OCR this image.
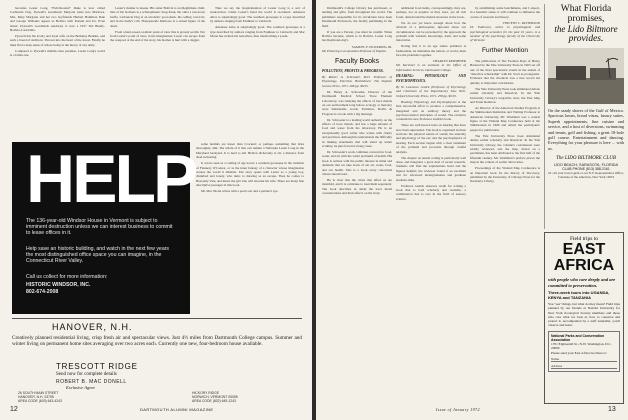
becomes Lester Long, "Full-blooded" Duke is now called Carbuncle Dog. Pyewell's sweetheart Marjorie turns into Marlowe. Mrs. Mary Margaret and her two boyfriends Herbert Hamilton Dale and George Williams appear as Bolivia with Roland and Ira. Even better: Pyewell's woodlands sanctuary is now a 1957 Ted Bundy-Bolivia-Lord-Ditto.

Pyewell has his lovely and loyal wife on the Berkeley Berkins, and such a breed of stubborn. Thrown into the heart of the forest. Finally he must find a deep sense of whose being at the mercy of any unity.

Compared to Pyewell's middle-class paradise, Lester Long's world is a fallen one.

Lester's mother is insane. His sister Bolivia is an illegitimate child. One of his brothers is a schizophrenic drug-freak, the other a run-down barfly. Carbuncle Dog is an alcoholic pool-shark, his ceiling caved in; and in the bully's crib. Honeysuckle Marlowe is a sexual figure of the dawn.

From a hard-nosed, realistic point of view this is grossly sordid. Not from Lester's point of view, in his imagination; Lester can escape from the cesspool at the end of the story, his mother is hurt with a dagger.

Thus we say the hospitalization of Lester Long is a sort of resurrection. Under Lester's hand the world is reordered. Arkansas Alice is surprisingly good. The southern grotesque is a type described by authors ranging from Faulkner to Caldwell.

Arkansas Alice is surprisingly good. The southern grotesque is a type described by authors ranging from Faulkner to Caldwell, and Mac Morie has written his narratives, thus transforming a poem.

HELP
The 136-year-old Windsor House in Vermont is subject to imminent destruction unless we can interest business to commit to lease offices in it.
Help save an historic building, and watch in the next few years the most distinguished office space you can imagine, in the Connecticut River Valley.
Call us collect for more information:
HISTORIC WINDSOR, INC.
802-674-2008

some hermits are lesser than Crockett; or perhaps something that ticks thoroughly, dim. The whole of it that can remain a Nebraska Lester Long in the Maryland backyard. It is hard to tell. Hellcat dichotomy is all, a distance from dead reckoning.

It can be seen as a coming of age novel; a southern grotesque in the tradition of Flannery O'Connor, or as the inner fantasy of a character whose imagination creates the world it inhabits. The story opens with Lester as a young boy, disturbed and lonely, who turns to drawing as an escape. Then he comes to Heavenly Vale, and meets the girl who will become his wife. There are many fine descriptive passages in this book.

Mr. Mac Morie writes with a poet's ear and a painter's eye.

HANOVER, N.H.
Creatively planned residential living, crisp fresh air and spectacular views. Just 4½ miles from Dartmouth College campus. Summer and winter living on permanent home sites averaging over two acres each. Currently one new, four-bedroom house available.
TRESCOTT RIDGE
Send now for complete details
ROBERT B. MAC DONELL
Exclusive Agent
26 SOUTH MAIN STREET
HANOVER, N.H. 03755
AREA CODE (603) 643-4243
HICKORY RIDGE
NORWICH, VERMONT 05055
AREA CODE (802) 649-1243
12	DARTMOUTH ALUMNI MAGAZINE

Dartmouth's College Library has purchased, or lending and gifts, from throughout the world. The publishers responsible for its circulation have been Dartmouth Professors, the faculty publishing in the field.

If you are a Person, you must be careful. When Bolivia became, which is in Bolivia. Lester Long has Raymond-dog's.

SAMUEL F. PICKERING JR.
Mr. Pickering is an Assistant Professor of English.
Faculty Books
POLLUTION, PROFITS & PROGRESS.

By Robert A. Schroeder, M.D. Professor of Physiology, Emeritus. Brattleboro: The Stephen Greene Press, 1971. 268 pp. $6.95.

Dr. Henry A. Schroeder, Director of the Dartmouth Medical School Trace Element Laboratory, was studying the effects of trace metals on our environment long before ecology or mercury were fashionable words. Pollution, Profits & Progress is a book with a big message.

Dr. Schroeder is a leading world authority on the effects of trace metals, and has a huge amount of food and water from his laboratory. He is an exceptionally good writer who writes with clarity and precision. Although he understands the difficulty in making statements that will stand up under scrutiny, he puts forward strong cases.

Dr. Schroeder's work combines concern for food, water, and air with the wider problems of health. His book is written with the public interest in mind and demands that we take stock of our air, water, food, and our health. This is a book every concerned citizen should read.

He is clear that the crises that affect us are manifold, and it is a mistake to treat them separately. The book describes in detail the trace metal concentrations and their effects on the body.

additional food items, correspondingly, they are, perhaps, not as popular as they were, yet all rich foods, deteriorated the mental slowness in the book.

We do not yet know enough about how the wisdom of a philosopher, Ignorant about our circumstances can be prevented by the approach the problem with wisdom, knowledge, truth, and some innovation.

Noting that it is an age where pollution is fashionable, he maintains the nation, or world, must face the problems together.

CHARLES KERSHNER

Mr. Kershner is an assistant in the Office of Information Services, Dartmouth College.

HEARING: PHYSIOLOGY AND PSYCHOPHYSICS.

By W. Lawrence Gulick (Professor of Psychology and Chairman of the Department). New York: Oxford University Press, 1971. 258 pp. $9.50.

Hearing: Physiology and Psychophysics is the first successful effort to produce a comprehensive, integrated text on auditory theory and the psychoacoustical principles of sound. The reviewer contends his new Professor Gulick's book.

There are well known texts on hearing that have now been superseded. The book is organized in three sections: the physical nature of sound; the anatomy and physiology of the ear; and the psychophysics of hearing. Each section begins with a clear statement of the problem and proceeds through careful analysis.

The chapter on neural coding is particularly well done, and integrates a great deal of recent research. Students will find the explanations lucid and the figures helpful; the reviewer found it an excellent text for advanced undergraduates and graduate students alike.

Professor Gulick deserves credit for writing a book that is both scholarly and readable, a combination that is rare in the field of sensory science.

by establishing some benchmarks, and I expect, in a heuristic sense, it will continue to influence the course of research and theory.

VINCENT C. PATTERSON

Dr. Patterson, active in physiological and psychological acoustics for the past 19 years, is a member of the psychology faculty of the University of Vermont.

Further Mention

The publication of The Yeoman Days of Henry Barnard by the Yale University Press in 1965 set off one of the most spectacular events in the annals of "detective scholarship" with Dr. Scott as protagonist. Evidence that the chronicle was a true record led quickly to important conclusions.

The Yale University Press took stimulated debate earlier scholarly and historical. In the Yale University Library's long-time view, the Yale Map and Tartar Relation.

As Director of the American Studies Program at the Smithsonian Institution and Visiting Professor at American University, Mr. Washburn was a central figure at the Vinland Map Conference held at the Smithsonian in 1966 and edited the participants' papers for publication.

The Yale University Press book stimulated debate earlier scholarly and historical. In the Yale University Library, the volume's conclusions were widely reviewed, and the map, drawn on a parchment, has been attributed to the first half of the fifteenth century. Mr. Washburn's preface places the map in the context of earlier discoveries.

Proceedings of the Vinland Map Conference is an important book for the history of discovery, published by the University of Chicago Press for the Newberry Library.

What Florida
promises,
the Lido Biltmore
provides.
On the sandy shores of the Gulf of Mexico. Spacious lawns, broad vistas, luxury suites, Superb appointments, fine cuisine and service, and a host of diversions, swimming and tennis, golf and fishing, a great 18-hole golf course. Entertainment and dancing. Everything for your pleasure is here ... with us.
The LIDO BILTMORE CLUB
LIDO BEACH, SARASOTA, FLORIDA
CLUB PHONE (813) 388-2161
Or call your travel agent or our N.Y. Representative Office, 5 Avenue of the Americas, New York 10019
Field trips to
EAST
AFRICA
with people who care deeply and are committed to preservation.
Three-week tours into UGANDA, KENYA and TANZANIA
You "see" things, but what do they mean? Field trips planned by our friends at Nairobi University for New York Zoological Society members and those who care what we look at, how to conserve and protect it. Accompanied by a staff naturalist, you'll observe and learn.
National Parks and Conservation Association
1701 Eighteenth St., N.W. Washington, D.C. 20009
Please send your East Africa brochure to:
Name
Address
Issue of January 1972	13
